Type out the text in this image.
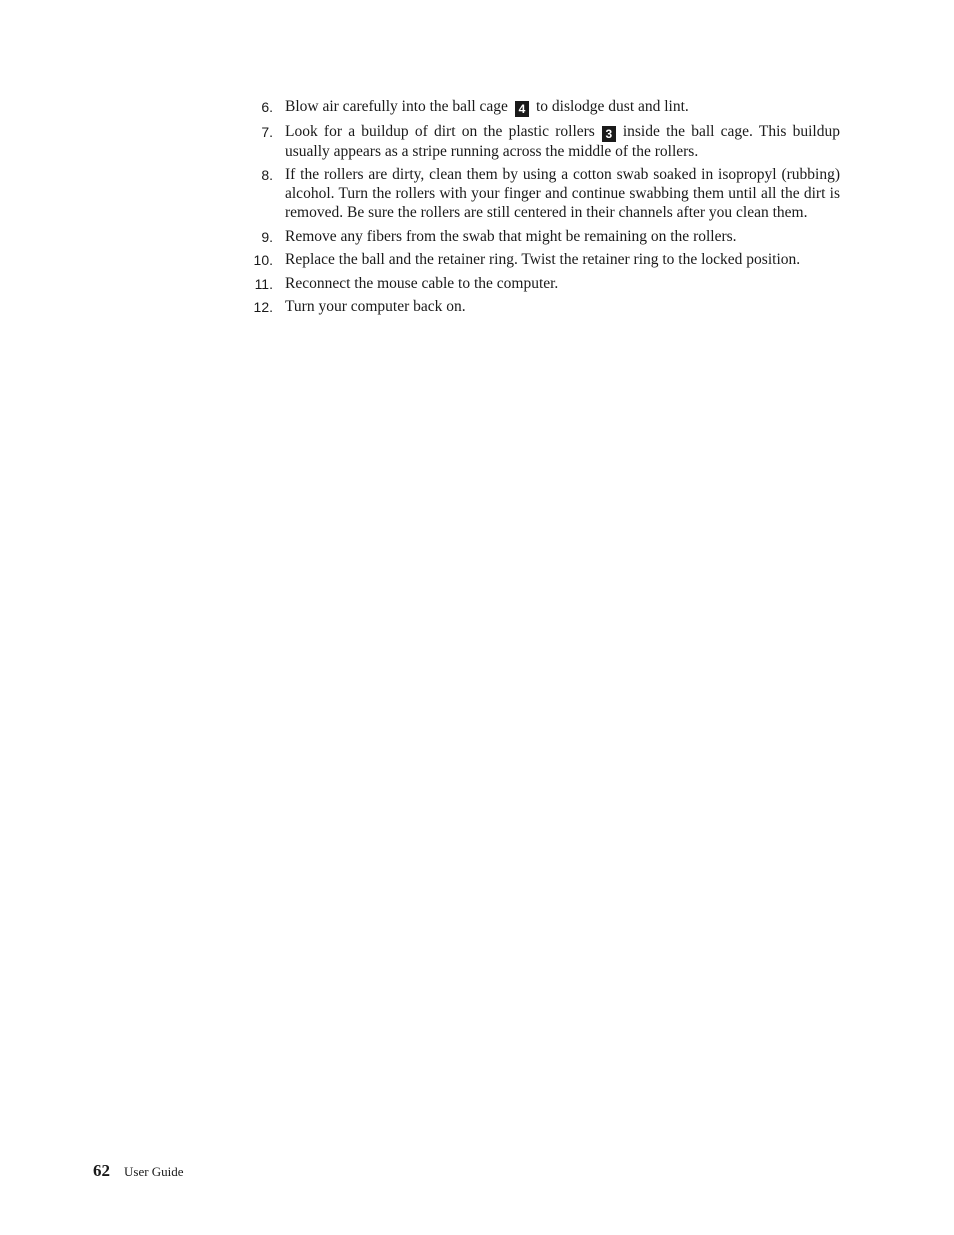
6. Blow air carefully into the ball cage 4 to dislodge dust and lint.
7. Look for a buildup of dirt on the plastic rollers 3 inside the ball cage. This buildup usually appears as a stripe running across the middle of the rollers.
8. If the rollers are dirty, clean them by using a cotton swab soaked in isopropyl (rubbing) alcohol. Turn the rollers with your finger and continue swabbing them until all the dirt is removed. Be sure the rollers are still centered in their channels after you clean them.
9. Remove any fibers from the swab that might be remaining on the rollers.
10. Replace the ball and the retainer ring. Twist the retainer ring to the locked position.
11. Reconnect the mouse cable to the computer.
12. Turn your computer back on.
62 User Guide
